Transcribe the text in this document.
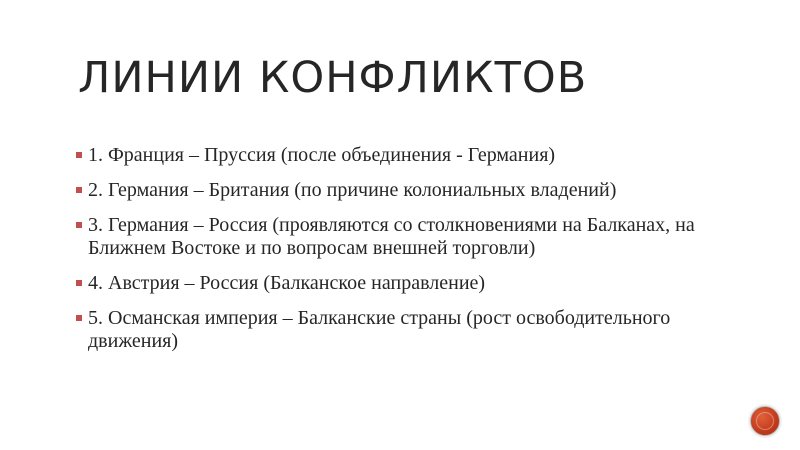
ЛИНИИ КОНФЛИКТОВ
1. Франция – Пруссия (после объединения - Германия)
2. Германия – Британия (по причине колониальных владений)
3. Германия – Россия (проявляются со столкновениями на Балканах, на Ближнем Востоке и по вопросам внешней торговли)
4. Австрия – Россия (Балканское направление)
5. Османская империя – Балканские страны (рост освободительного движения)
